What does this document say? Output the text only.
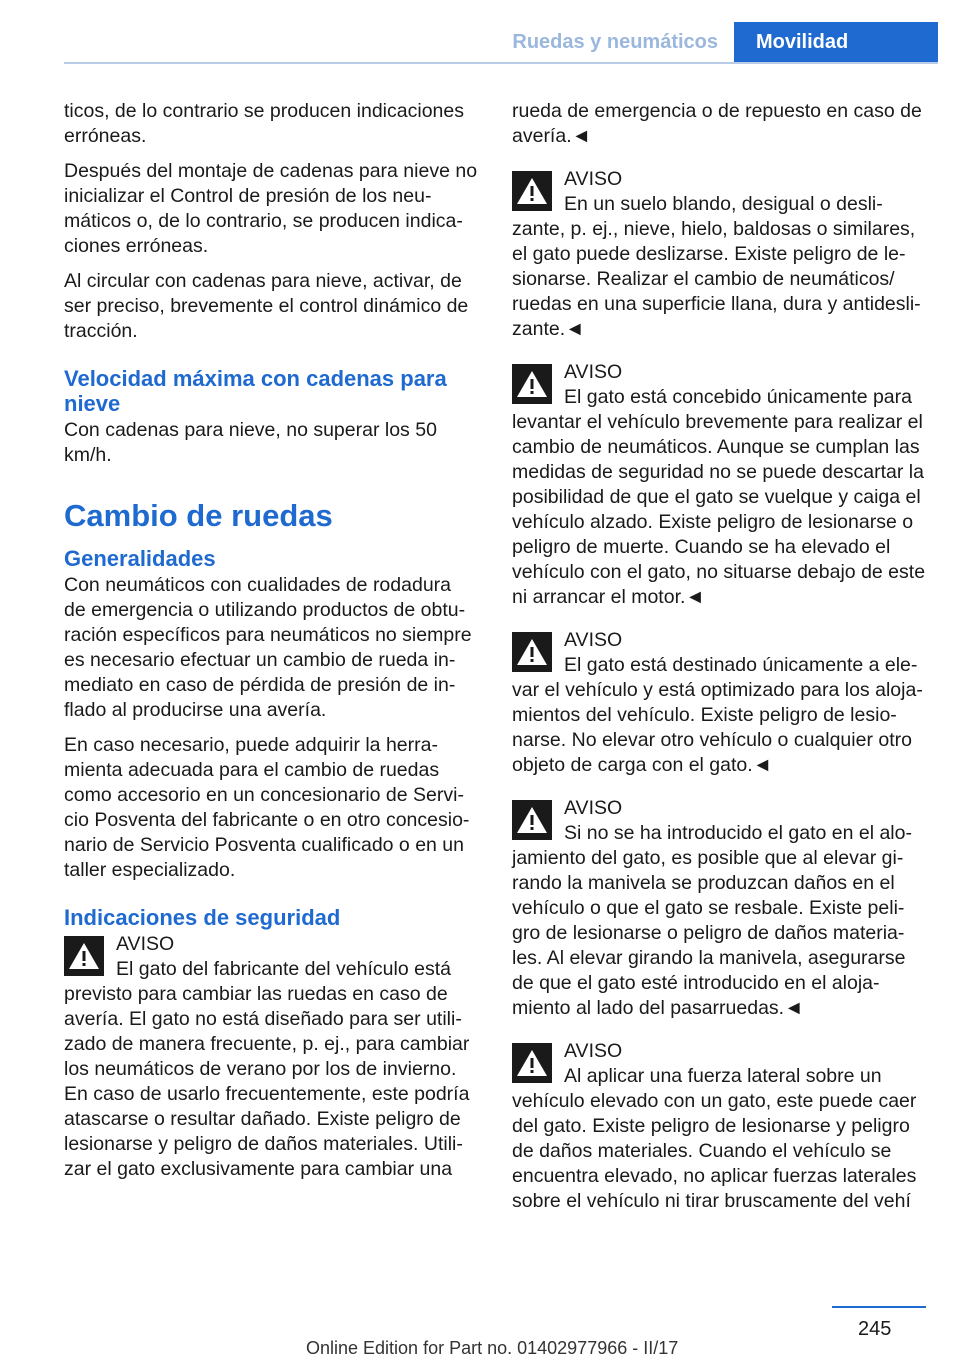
Ruedas y neumáticos	Movilidad

ticos, de lo contrario se producen indicaciones erróneas.

Después del montaje de cadenas para nieve no inicializar el Control de presión de los neumáticos o, de lo contrario, se producen indicaciones erróneas.

Al circular con cadenas para nieve, activar, de ser preciso, brevemente el control dinámico de tracción.

Velocidad máxima con cadenas para nieve

Con cadenas para nieve, no superar los 50 km/h.

Cambio de ruedas
Generalidades

Con neumáticos con cualidades de rodadura de emergencia o utilizando productos de obturación específicos para neumáticos no siempre es necesario efectuar un cambio de rueda inmediato en caso de pérdida de presión de inflado al producirse una avería.

En caso necesario, puede adquirir la herramienta adecuada para el cambio de ruedas como accesorio en un concesionario de Servicio Posventa del fabricante o en otro concesionario de Servicio Posventa cualificado o en un taller especializado.

Indicaciones de seguridad
AVISO
El gato del fabricante del vehículo está previsto para cambiar las ruedas en caso de avería. El gato no está diseñado para ser utilizado de manera frecuente, p. ej., para cambiar los neumáticos de verano por los de invierno. En caso de usarlo frecuentemente, este podría atascarse o resultar dañado. Existe peligro de lesionarse y peligro de daños materiales. Utilizar el gato exclusivamente para cambiar una

rueda de emergencia o de repuesto en caso de avería.◄

AVISO
En un suelo blando, desigual o deslizante, p. ej., nieve, hielo, baldosas o similares, el gato puede deslizarse. Existe peligro de lesionarse. Realizar el cambio de neumáticos/ ruedas en una superficie llana, dura y antideslizante.◄
AVISO
El gato está concebido únicamente para levantar el vehículo brevemente para realizar el cambio de neumáticos. Aunque se cumplan las medidas de seguridad no se puede descartar la posibilidad de que el gato se vuelque y caiga el vehículo alzado. Existe peligro de lesionarse o peligro de muerte. Cuando se ha elevado el vehículo con el gato, no situarse debajo de este ni arrancar el motor.◄
AVISO
El gato está destinado únicamente a elevar el vehículo y está optimizado para los alojamientos del vehículo. Existe peligro de lesionarse. No elevar otro vehículo o cualquier otro objeto de carga con el gato.◄
AVISO
Si no se ha introducido el gato en el alojamiento del gato, es posible que al elevar girando la manivela se produzcan daños en el vehículo o que el gato se resbale. Existe peligro de lesionarse o peligro de daños materiales. Al elevar girando la manivela, asegurarse de que el gato esté introducido en el alojamiento al lado del pasarruedas.◄
AVISO
Al aplicar una fuerza lateral sobre un vehículo elevado con un gato, este puede caer del gato. Existe peligro de lesionarse y peligro de daños materiales. Cuando el vehículo se encuentra elevado, no aplicar fuerzas laterales sobre el vehículo ni tirar bruscamente del vehí
245
Online Edition for Part no. 01402977966 - II/17
